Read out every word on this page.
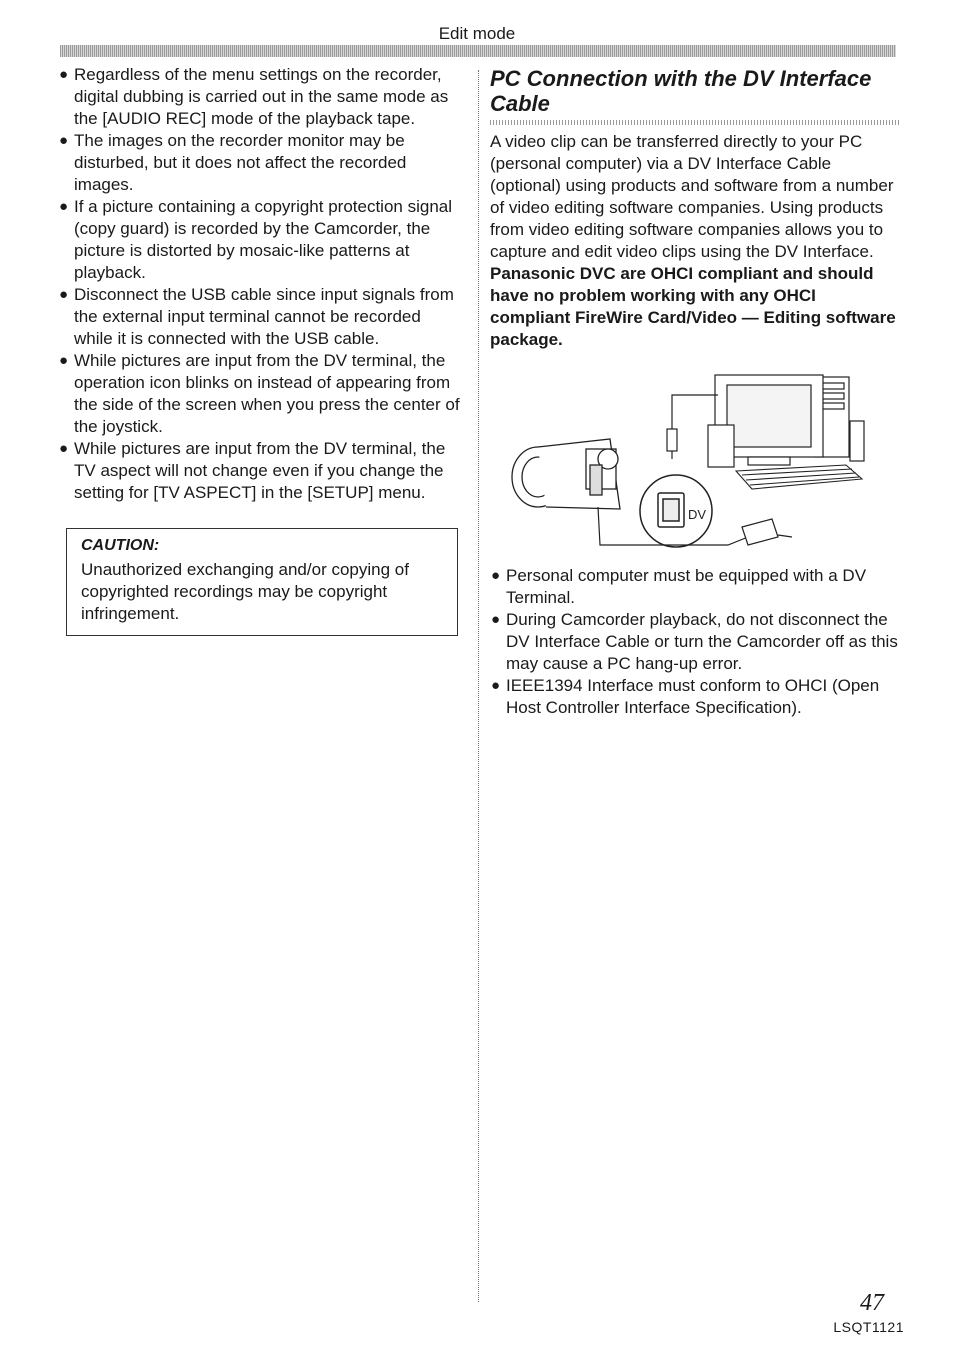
Edit mode
● Regardless of the menu settings on the recorder, digital dubbing is carried out in the same mode as the [AUDIO REC] mode of the playback tape.
● The images on the recorder monitor may be disturbed, but it does not affect the recorded images.
● If a picture containing a copyright protection signal (copy guard) is recorded by the Camcorder, the picture is distorted by mosaic-like patterns at playback.
● Disconnect the USB cable since input signals from the external input terminal cannot be recorded while it is connected with the USB cable.
● While pictures are input from the DV terminal, the operation icon blinks on instead of appearing from the side of the screen when you press the center of the joystick.
● While pictures are input from the DV terminal, the TV aspect will not change even if you change the setting for [TV ASPECT] in the [SETUP] menu.
CAUTION:
Unauthorized exchanging and/or copying of copyrighted recordings may be copyright infringement.
PC Connection with the DV Interface Cable

A video clip can be transferred directly to your PC (personal computer) via a DV Interface Cable (optional) using products and software from a number of video editing software companies. Using products from video editing software companies allows you to capture and edit video clips using the DV Interface.

Panasonic DVC are OHCI compliant and should have no problem working with any OHCI compliant FireWire Card/Video — Editing software package.

DV
● Personal computer must be equipped with a DV Terminal.
● During Camcorder playback, do not disconnect the DV Interface Cable or turn the Camcorder off as this may cause a PC hang-up error.
● IEEE1394 Interface must conform to OHCI (Open Host Controller Interface Specification).
47
LSQT1121
